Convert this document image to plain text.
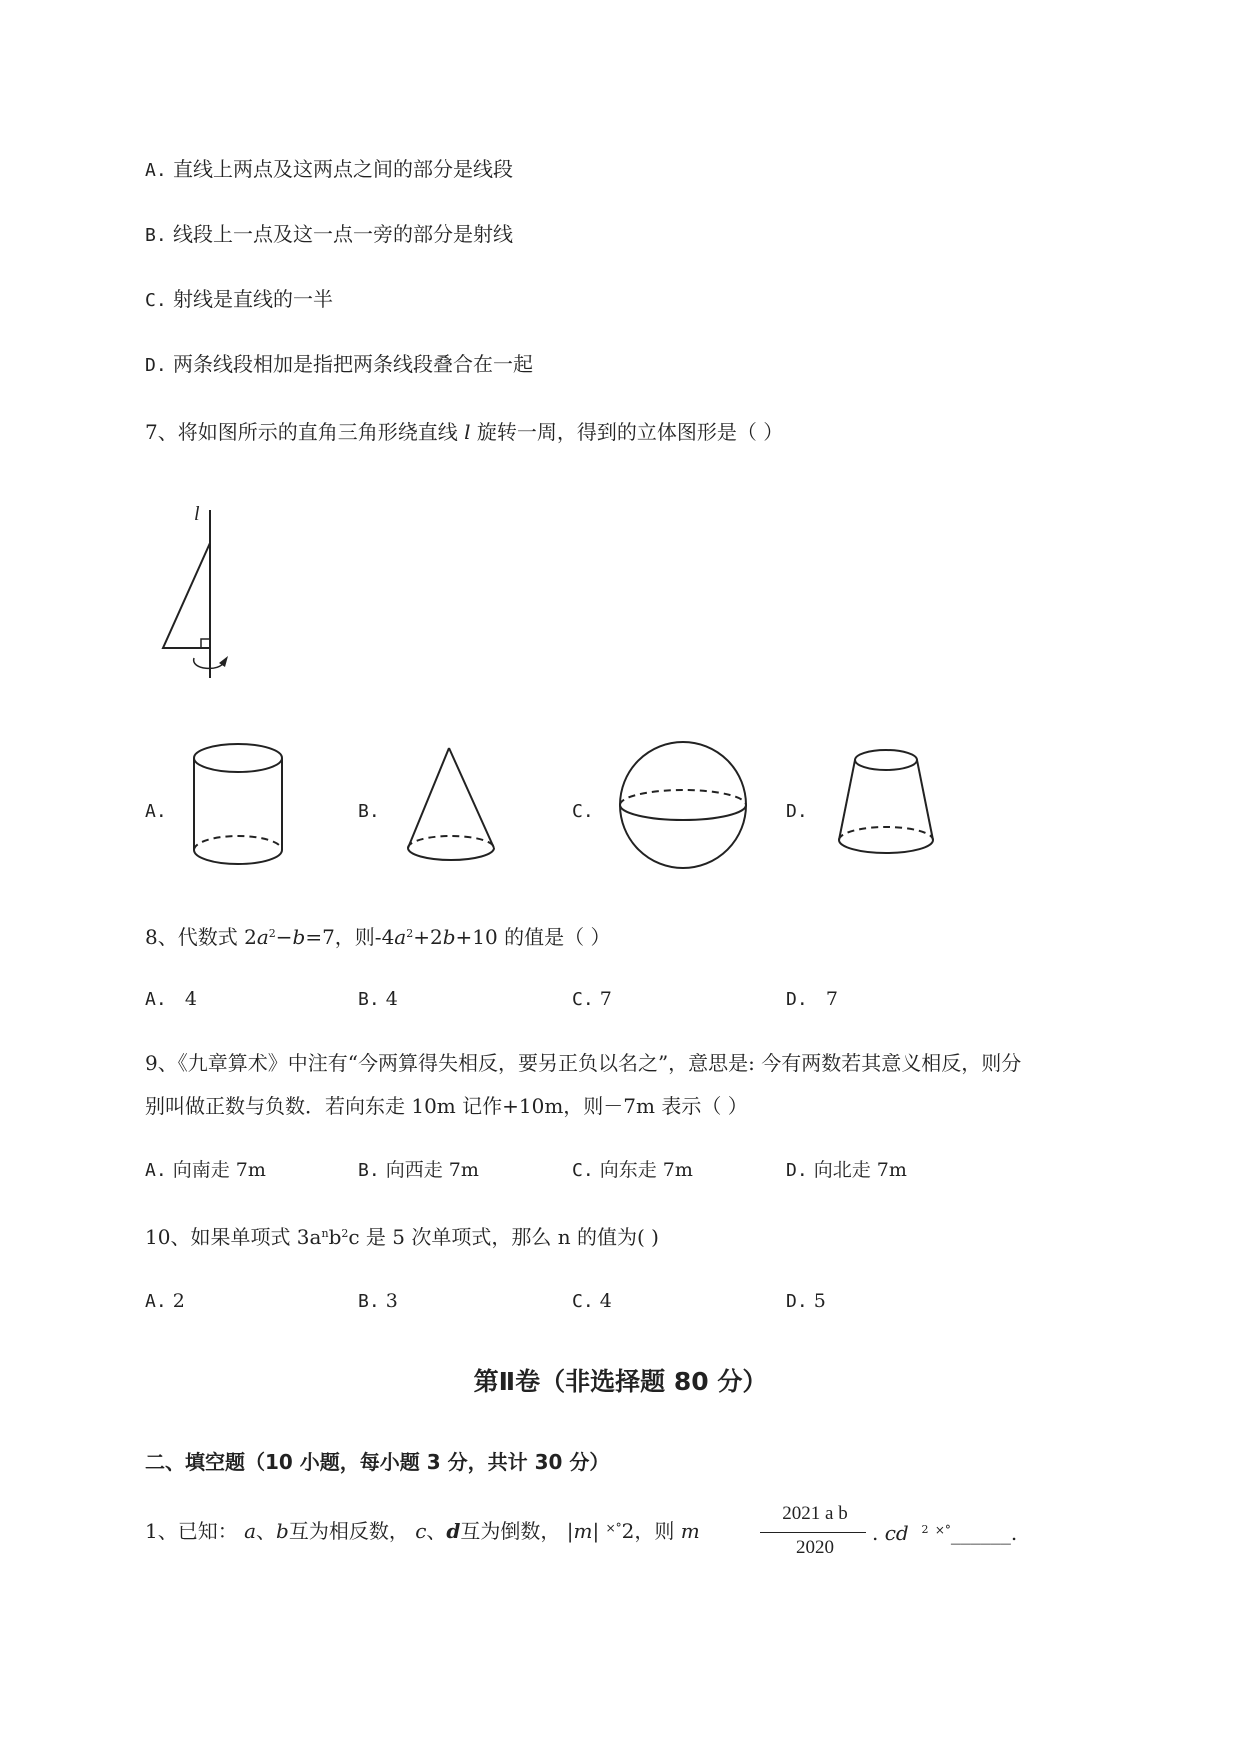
A. 直线上两点及这两点之间的部分是线段
B. 线段上一点及这一点一旁的部分是射线
C. 射线是直线的一半
D. 两条线段相加是指把两条线段叠合在一起
7、将如图所示的直角三角形绕直线 l 旋转一周，得到的立体图形是（ ）
l
A.	B.	C.	D.
8、代数式 $2a^2-b=7$，则$-4a^2+2b+10$ 的值是（ ）
A. 4	B. 4	C. 7	D. 7
9、《九章算术》中注有“今两算得失相反，要另正负以名之”，意思是: 今有两数若其意义相反，则分
别叫做正数与负数．若向东走 10m 记作+10m，则－7m 表示（ ）
A. 向南走 7m	B. 向西走 7m	C. 向东走 7m	D. 向北走 7m
10、如果单项式 $3a^nb^2c$ 是 5 次单项式，那么 n 的值为( )
A. 2	B. 3	C. 4	D. 5
第Ⅱ卷（非选择题 80 分）
二、填空题（10 小题，每小题 3 分，共计 30 分）
1、已知： a、b互为相反数， c、d互为倒数， |m| ×°2，则 m
2021 a b
2020
. cd $^2$ ×°______.
